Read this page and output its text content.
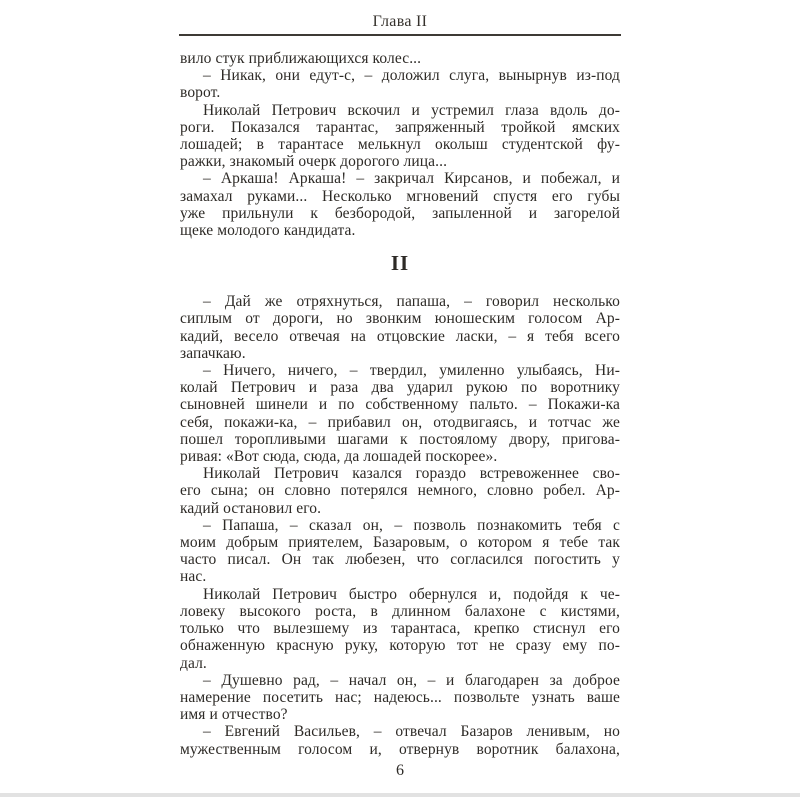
Глава II
вило стук приближающихся колес...
– Никак, они едут-с, – доложил слуга, вынырнув из-под
ворот.
Николай Петрович вскочил и устремил глаза вдоль до-
роги. Показался тарантас, запряженный тройкой ямских
лошадей; в тарантасе мелькнул околыш студентской фу-
ражки, знакомый очерк дорогого лица...
– Аркаша! Аркаша! – закричал Кирсанов, и побежал, и
замахал руками... Несколько мгновений спустя его губы
уже прильнули к безбородой, запыленной и загорелой
щеке молодого кандидата.
II
– Дай же отряхнуться, папаша, – говорил несколько
сиплым от дороги, но звонким юношеским голосом Ар-
кадий, весело отвечая на отцовские ласки, – я тебя всего
запачкаю.
– Ничего, ничего, – твердил, умиленно улыбаясь, Ни-
колай Петрович и раза два ударил рукою по воротнику
сыновней шинели и по собственному пальто. – Покажи-ка
себя, покажи-ка, – прибавил он, отодвигаясь, и тотчас же
пошел торопливыми шагами к постоялому двору, пригова-
ривая: «Вот сюда, сюда, да лошадей поскорее».
Николай Петрович казался гораздо встревоженнее сво-
его сына; он словно потерялся немного, словно робел. Ар-
кадий остановил его.
– Папаша, – сказал он, – позволь познакомить тебя с
моим добрым приятелем, Базаровым, о котором я тебе так
часто писал. Он так любезен, что согласился погостить у
нас.
Николай Петрович быстро обернулся и, подойдя к че-
ловеку высокого роста, в длинном балахоне с кистями,
только что вылезшему из тарантаса, крепко стиснул его
обнаженную красную руку, которую тот не сразу ему по-
дал.
– Душевно рад, – начал он, – и благодарен за доброе
намерение посетить нас; надеюсь... позвольте узнать ваше
имя и отчество?
– Евгений Васильев, – отвечал Базаров ленивым, но
мужественным голосом и, отвернув воротник балахона,
6
